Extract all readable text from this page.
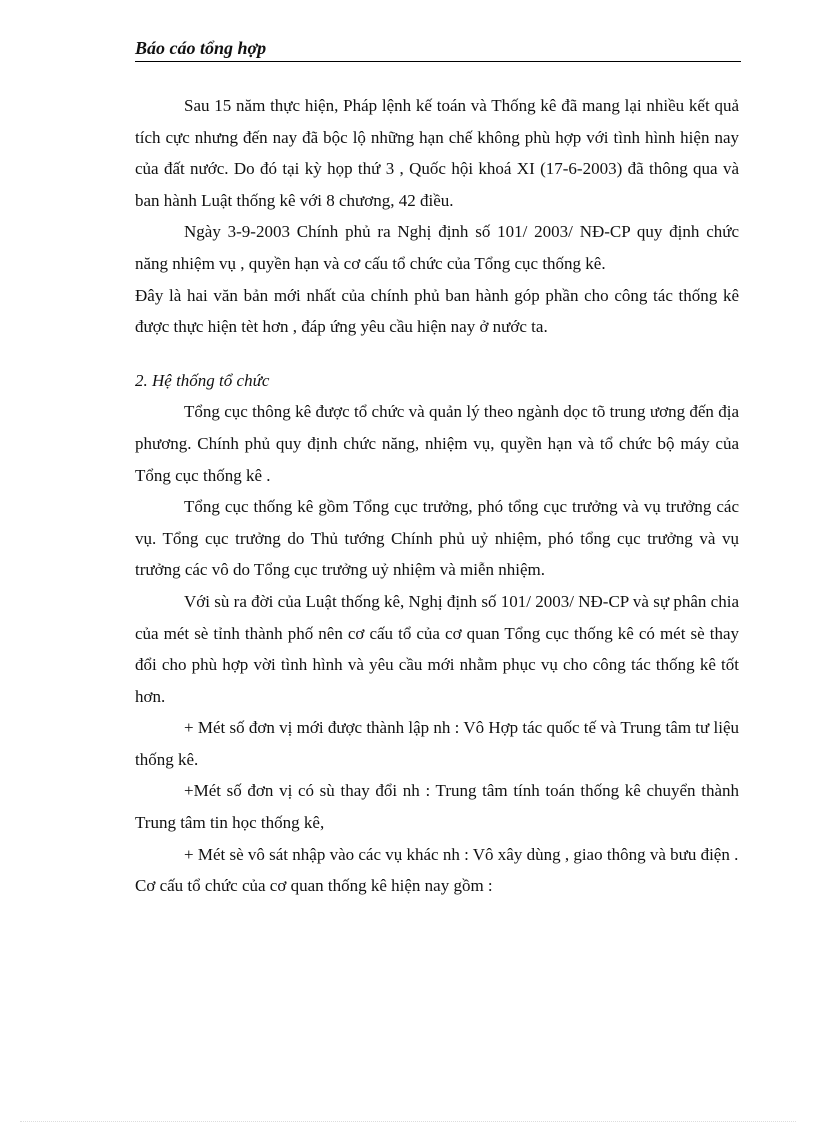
Báo cáo tổng hợp

Sau 15 năm thực hiện, Pháp lệnh kế toán và Thống kê đã mang lại nhiều kết quả tích cực nhưng đến nay đã bộc lộ những hạn chế không phù hợp với tình hình hiện nay của đất nước. Do đó tại kỳ họp thứ 3 , Quốc hội khoá XI (17-6-2003) đã thông qua và ban hành Luật thống kê với 8 chương, 42 điều.

Ngày 3-9-2003 Chính phủ ra Nghị định số 101/ 2003/ NĐ-CP quy định chức năng nhiệm vụ , quyền hạn và cơ cấu tổ chức của Tổng cục thống kê.

Đây là hai văn bản mới nhất của chính phủ ban hành góp phần cho công tác thống kê được thực hiện tèt hơn , đáp ứng yêu cầu hiện nay ở nước ta.

2. Hệ thống tổ chức

Tổng cục thông kê được tổ chức và quản lý theo ngành dọc tõ trung ương đến địa phương. Chính phủ quy định chức năng, nhiệm vụ, quyền hạn và tổ chức bộ máy của Tổng cục thống kê .

Tổng cục thống kê gồm Tổng cục trưởng, phó tổng cục trưởng và vụ trưởng các vụ. Tổng cục trưởng do Thủ tướng Chính phủ uỷ nhiệm, phó tổng cục trưởng và vụ trưởng các vô do Tổng cục trưởng uỷ nhiệm và miễn nhiệm.

Với sù ra đời của Luật thống kê, Nghị định số 101/ 2003/ NĐ-CP và sự phân chia của mét sè tỉnh thành phố nên cơ cấu tổ của cơ quan Tổng cục thống kê có mét sè thay đổi cho phù hợp vời tình hình và yêu cầu mới nhằm phục vụ cho công tác thống kê tốt hơn.

+ Mét số đơn vị mới được thành lập nh : Vô Hợp tác quốc tế và Trung tâm tư liệu thống kê.

+Mét số đơn vị có sù thay đổi nh : Trung tâm tính toán thống kê chuyển thành Trung tâm tin học thống kê,

+ Mét sè vô sát nhập vào các vụ khác nh : Vô xây dùng , giao thông và bưu điện .

Cơ cấu tổ chức của cơ quan thống kê hiện nay gồm :
